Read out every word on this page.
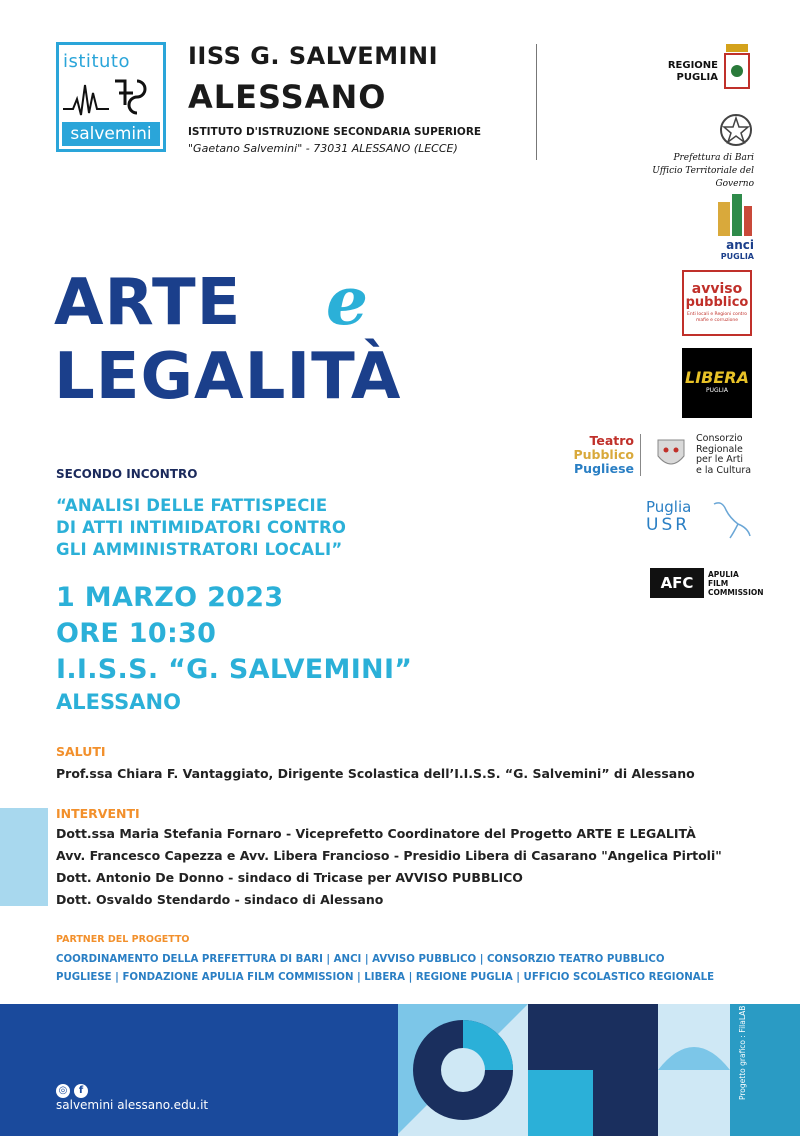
istituto
salvemini
IISS G. SALVEMINI
ALESSANO
ISTITUTO D'ISTRUZIONE SECONDARIA SUPERIORE
"Gaetano Salvemini" - 73031 ALESSANO (LECCE)
REGIONE
PUGLIA
Prefettura di Bari
Ufficio Territoriale del Governo
anci
PUGLIA
avviso
pubblico
Enti locali e Regioni contro mafie e corruzione
LIBERA
PUGLIA
Teatro
Pubblico
Pugliese
Consorzio
Regionale
per le Arti
e la Cultura
Puglia
USR
AFC	APULIA
FILM
COMMISSION
ARTE e
LEGALITÀ
SECONDO INCONTRO
“ANALISI DELLE FATTISPECIE
DI ATTI INTIMIDATORI CONTRO
GLI AMMINISTRATORI LOCALI”
1 MARZO 2023
ORE 10:30
I.I.S.S. “G. SALVEMINI”
ALESSANO
SALUTI
Prof.ssa Chiara F. Vantaggiato, Dirigente Scolastica dell’I.I.S.S. “G. Salvemini” di Alessano
INTERVENTI
Dott.ssa Maria Stefania Fornaro - Viceprefetto Coordinatore del Progetto ARTE E LEGALITÀ
Avv. Francesco Capezza e Avv. Libera Francioso - Presidio Libera di Casarano "Angelica Pirtoli"
Dott. Antonio De Donno - sindaco di Tricase per AVVISO PUBBLICO
Dott. Osvaldo Stendardo - sindaco di Alessano
PARTNER DEL PROGETTO
COORDINAMENTO DELLA PREFETTURA DI BARI | ANCI | AVVISO PUBBLICO | CONSORZIO TEATRO PUBBLICO
PUGLIESE | FONDAZIONE APULIA FILM COMMISSION | LIBERA | REGIONE PUGLIA | UFFICIO SCOLASTICO REGIONALE
◎ f
salvemini alessano.edu.it
Progetto grafico : FilaLAB
